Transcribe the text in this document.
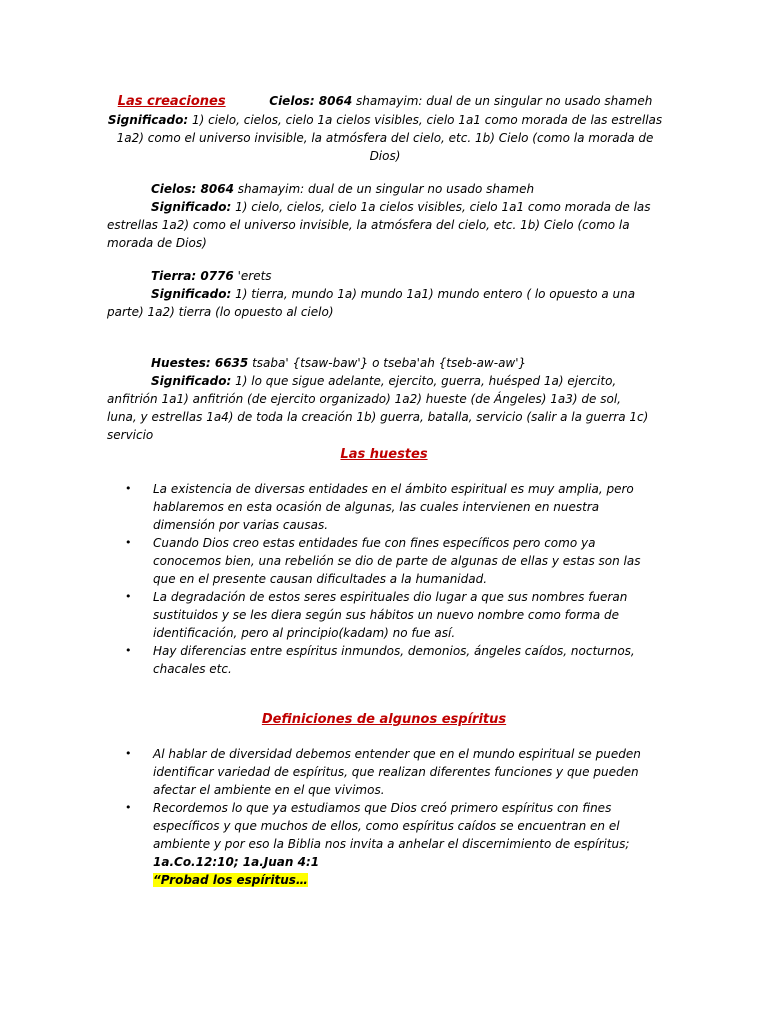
Las creaciones	Cielos: 8064 shamayim: dual de un singular no usado shameh
Significado: 1) cielo, cielos, cielo 1a cielos visibles, cielo 1a1 como morada de las estrellas 1a2) como el universo invisible, la atmósfera del cielo, etc. 1b) Cielo (como la morada de Dios)
Cielos: 8064 shamayim: dual de un singular no usado shameh
Significado: 1) cielo, cielos, cielo 1a cielos visibles, cielo 1a1 como morada de las estrellas 1a2) como el universo invisible, la atmósfera del cielo, etc. 1b) Cielo (como la morada de Dios)
Tierra: 0776 'erets
Significado: 1) tierra, mundo 1a) mundo 1a1) mundo entero ( lo opuesto a una parte) 1a2) tierra (lo opuesto al cielo)
Huestes: 6635 tsaba' {tsaw-baw'} o tseba'ah {tseb-aw-aw'}
Significado: 1) lo que sigue adelante, ejercito, guerra, huésped 1a) ejercito, anfitrión 1a1) anfitrión (de ejercito organizado) 1a2) hueste (de Ángeles) 1a3) de sol, luna, y estrellas 1a4) de toda la creación 1b) guerra, batalla, servicio (salir a la guerra 1c) servicio
Las huestes
• La existencia de diversas entidades en el ámbito espiritual es muy amplia, pero hablaremos en esta ocasión de algunas, las cuales intervienen en nuestra dimensión por varias causas.
• Cuando Dios creo estas entidades fue con fines específicos pero como ya conocemos bien, una rebelión se dio de parte de algunas de ellas y estas son las que en el presente causan dificultades a la humanidad.
• La degradación de estos seres espirituales dio lugar a que sus nombres fueran sustituidos y se les diera según sus hábitos un nuevo nombre como forma de identificación, pero al principio(kadam) no fue así.
• Hay diferencias entre espíritus inmundos, demonios, ángeles caídos, nocturnos, chacales etc.
Definiciones de algunos espíritus
• Al hablar de diversidad debemos entender que en el mundo espiritual se pueden identificar variedad de espíritus, que realizan diferentes funciones y que pueden afectar el ambiente en el que vivimos.
• Recordemos lo que ya estudiamos que Dios creó primero espíritus con fines específicos y que muchos de ellos, como espíritus caídos se encuentran en el ambiente y por eso la Biblia nos invita a anhelar el discernimiento de espíritus; 1a.Co.12:10; 1a.Juan 4:1
“Probad los espíritus…
